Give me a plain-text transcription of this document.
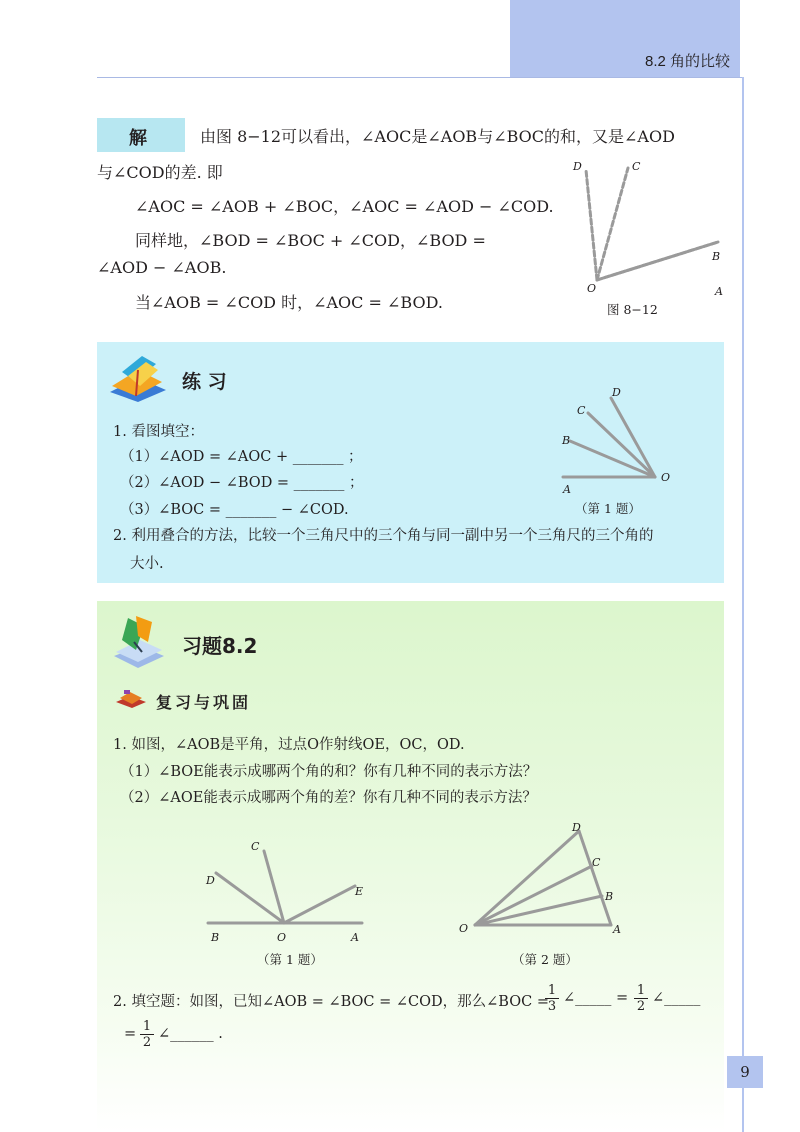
8.2 角的比较
解	由图 8−12可以看出，∠AOC是∠AOB与∠BOC的和，又是∠AOD
与∠COD的差. 即
∠AOC = ∠AOB + ∠BOC，∠AOC = ∠AOD − ∠COD.
同样地，∠BOD = ∠BOC + ∠COD，∠BOD =
∠AOD − ∠AOB.
当∠AOB = ∠COD 时，∠AOC = ∠BOD.
D	C
B
O	A
图 8−12
练 习
1. 看图填空：
（1）∠AOD = ∠AOC + _______ ；
（2）∠AOD − ∠BOD = _______ ；
（3）∠BOC = _______ − ∠COD.
2. 利用叠合的方法，比较一个三角尺中的三个角与同一副中另一个三角尺的三个角的
大小.
D
C
B
A
O
（第 1 题）
习题8.2
复习与巩固
1. 如图，∠AOB是平角，过点O作射线OE，OC，OD.
（1）∠BOE能表示成哪两个角的和？你有几种不同的表示方法？
（2）∠AOE能表示成哪两个角的差？你有几种不同的表示方法？
C
D
E
B	O	A
（第 1 题）
D
C
B
O	A
（第 2 题）
2. 填空题：如图，已知∠AOB = ∠BOC = ∠COD，那么∠BOC =
$\frac{1}{3}$ ∠_____ = $\frac{1}{2}$ ∠_____
= $\frac{1}{2}$ ∠______ .
9
